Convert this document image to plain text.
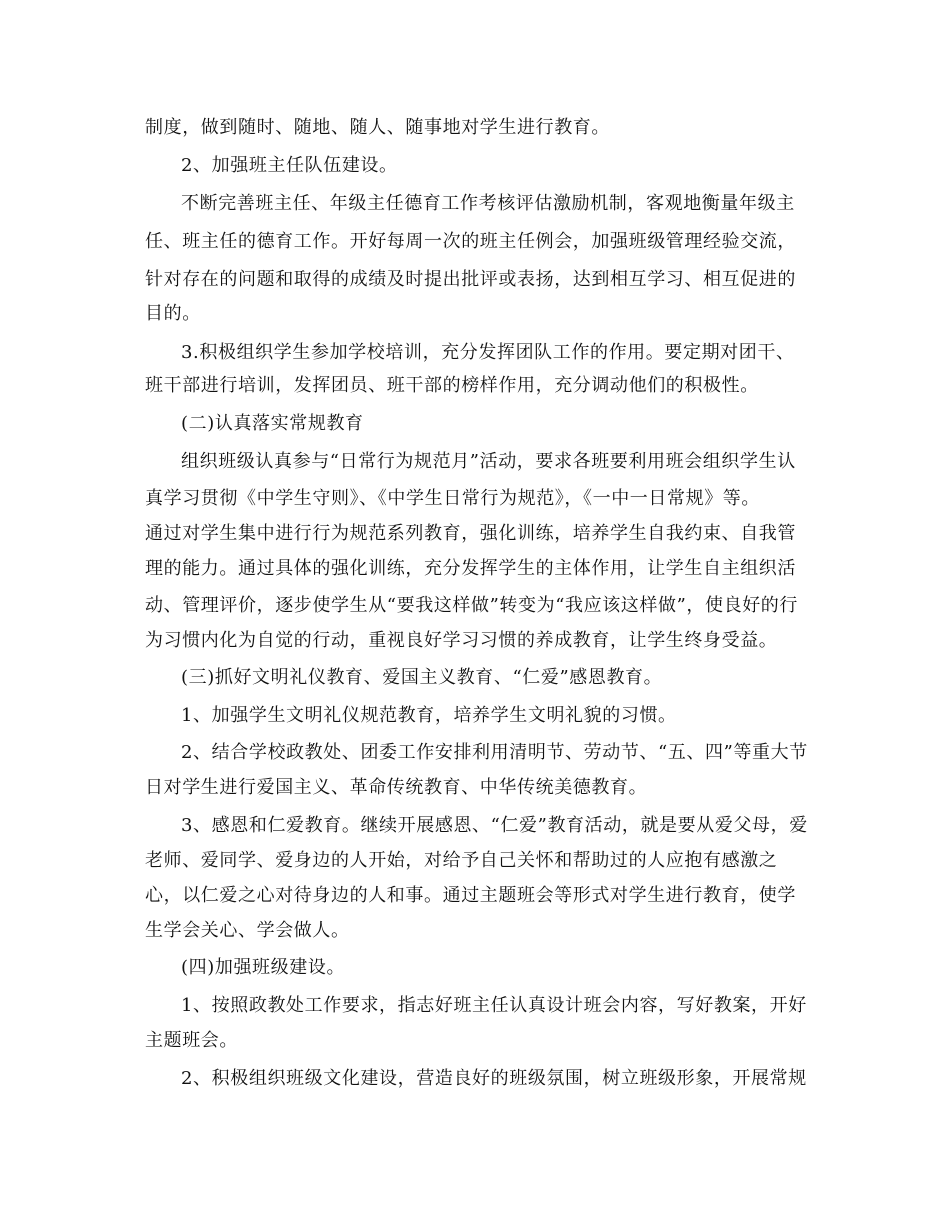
制度，做到随时、随地、随人、随事地对学生进行教育。
2、加强班主任队伍建设。
不断完善班主任、年级主任德育工作考核评估激励机制，客观地衡量年级主
任、班主任的德育工作。开好每周一次的班主任例会，加强班级管理经验交流，
针对存在的问题和取得的成绩及时提出批评或表扬，达到相互学习、相互促进的
目的。
3.积极组织学生参加学校培训，充分发挥团队工作的作用。要定期对团干、
班干部进行培训，发挥团员、班干部的榜样作用，充分调动他们的积极性。
(二)认真落实常规教育
组织班级认真参与“日常行为规范月”活动，要求各班要利用班会组织学生认
真学习贯彻《中学生守则》、《中学生日常行为规范》，《一中一日常规》等。
通过对学生集中进行行为规范系列教育，强化训练，培养学生自我约束、自我管
理的能力。通过具体的强化训练，充分发挥学生的主体作用，让学生自主组织活
动、管理评价，逐步使学生从“要我这样做”转变为“我应该这样做”，使良好的行
为习惯内化为自觉的行动，重视良好学习习惯的养成教育，让学生终身受益。
(三)抓好文明礼仪教育、爱国主义教育、“仁爱”感恩教育。
1、加强学生文明礼仪规范教育，培养学生文明礼貌的习惯。
2、结合学校政教处、团委工作安排利用清明节、劳动节、“五、四”等重大节
日对学生进行爱国主义、革命传统教育、中华传统美德教育。
3、感恩和仁爱教育。继续开展感恩、“仁爱”教育活动，就是要从爱父母，爱
老师、爱同学、爱身边的人开始，对给予自己关怀和帮助过的人应抱有感激之
心，以仁爱之心对待身边的人和事。通过主题班会等形式对学生进行教育，使学
生学会关心、学会做人。
(四)加强班级建设。
1、按照政教处工作要求，指志好班主任认真设计班会内容，写好教案，开好
主题班会。
2、积极组织班级文化建设，营造良好的班级氛围，树立班级形象，开展常规
